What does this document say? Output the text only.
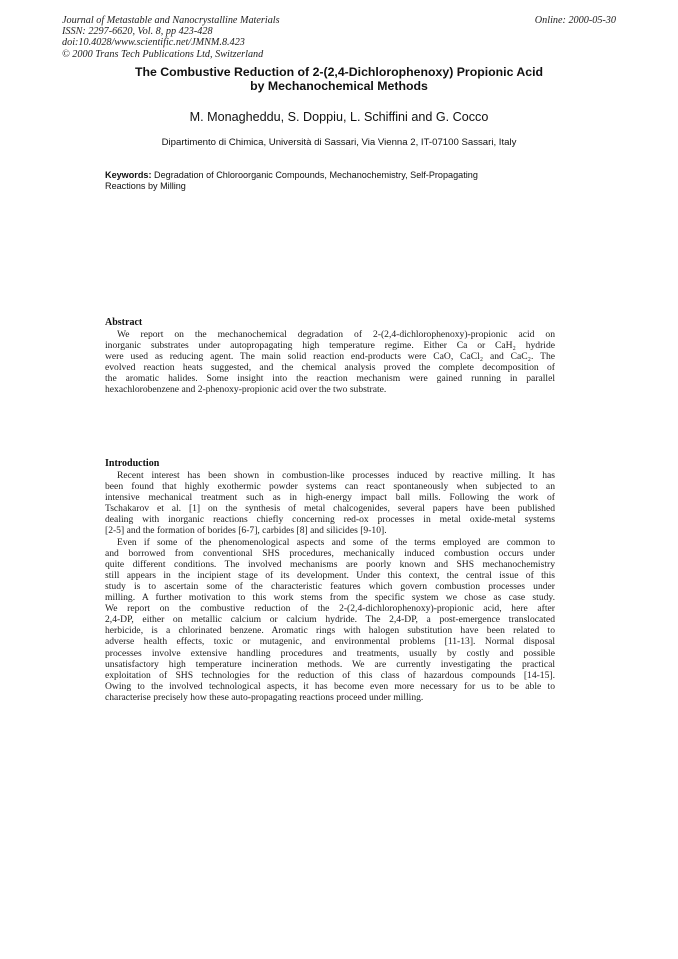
Journal of Metastable and Nanocrystalline Materials
ISSN: 2297-6620, Vol. 8, pp 423-428
doi:10.4028/www.scientific.net/JMNM.8.423
© 2000 Trans Tech Publications Ltd, Switzerland
Online: 2000-05-30
The Combustive Reduction of 2-(2,4-Dichlorophenoxy) Propionic Acid
by Mechanochemical Methods
M. Monagheddu, S. Doppiu, L. Schiffini and G. Cocco
Dipartimento di Chimica, Università di Sassari, Via Vienna 2, IT-07100 Sassari, Italy
Keywords: Degradation of Chloroorganic Compounds, Mechanochemistry, Self-Propagating
Reactions by Milling
Abstract
We report on the mechanochemical degradation of 2-(2,4-dichlorophenoxy)-propionic acid on
inorganic substrates under autopropagating high temperature regime. Either Ca or CaH₂ hydride
were used as reducing agent. The main solid reaction end-products were CaO, CaCl₂ and CaC₂. The
evolved reaction heats suggested, and the chemical analysis proved the complete decomposition of
the aromatic halides. Some insight into the reaction mechanism were gained running in parallel
hexachlorobenzene and 2-phenoxy-propionic acid over the two substrate.
Introduction
Recent interest has been shown in combustion-like processes induced by reactive milling. It has
been found that highly exothermic powder systems can react spontaneously when subjected to an
intensive mechanical treatment such as in high-energy impact ball mills. Following the work of
Tschakarov et al. [1] on the synthesis of metal chalcogenides, several papers have been published
dealing with inorganic reactions chiefly concerning red-ox processes in metal oxide-metal systems
[2-5] and the formation of borides [6-7], carbides [8] and silicides [9-10].
Even if some of the phenomenological aspects and some of the terms employed are common to
and borrowed from conventional SHS procedures, mechanically induced combustion occurs under
quite different conditions. The involved mechanisms are poorly known and SHS mechanochemistry
still appears in the incipient stage of its development. Under this context, the central issue of this
study is to ascertain some of the characteristic features which govern combustion processes under
milling. A further motivation to this work stems from the specific system we chose as case study.
We report on the combustive reduction of the 2-(2,4-dichlorophenoxy)-propionic acid, here after
2,4-DP, either on metallic calcium or calcium hydride. The 2,4-DP, a post-emergence translocated
herbicide, is a chlorinated benzene. Aromatic rings with halogen substitution have been related to
adverse health effects, toxic or mutagenic, and environmental problems [11-13]. Normal disposal
processes involve extensive handling procedures and treatments, usually by costly and possible
unsatisfactory high temperature incineration methods. We are currently investigating the practical
exploitation of SHS technologies for the reduction of this class of hazardous compounds [14-15].
Owing to the involved technological aspects, it has become even more necessary for us to be able to
characterise precisely how these auto-propagating reactions proceed under milling.
